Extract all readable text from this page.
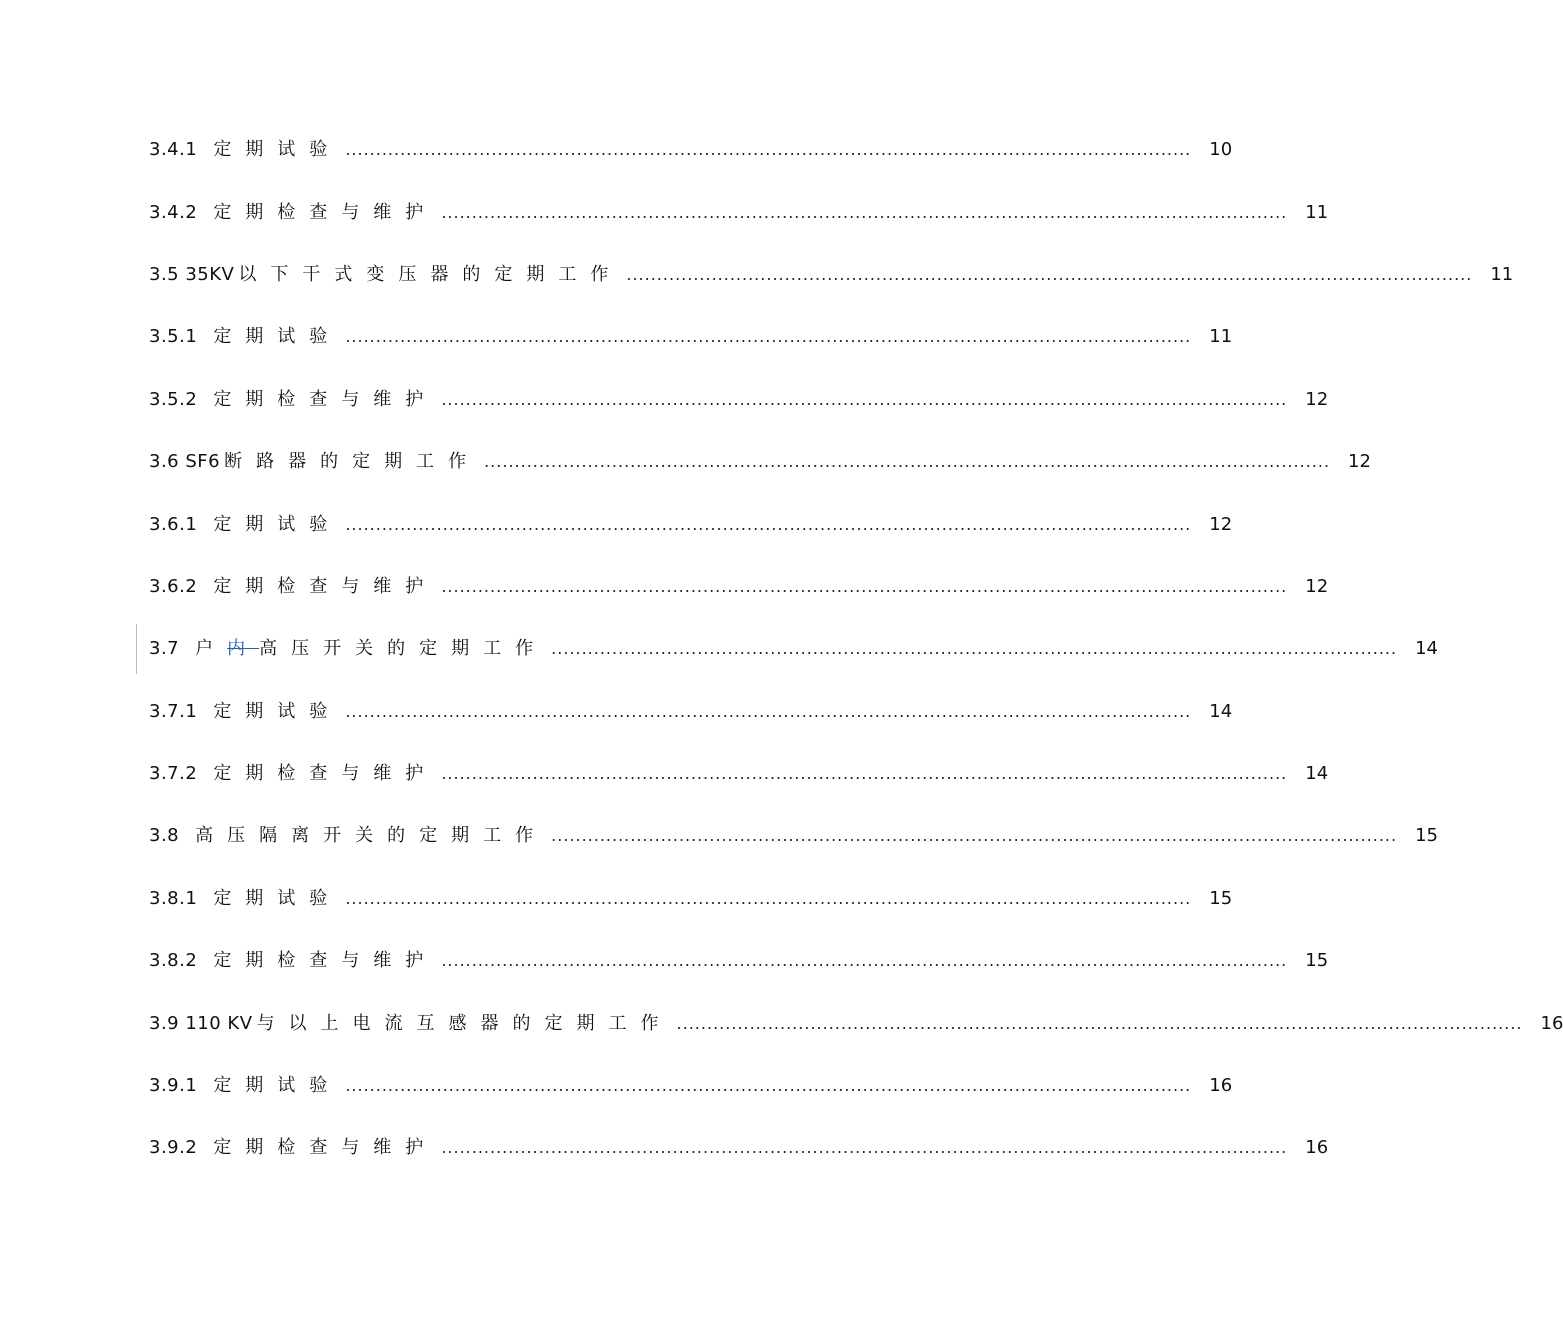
3.4.1 定期试验 ........................................................................................................................................... 10
3.4.2 定期检查与维护 ........................................................................................................................................... 11
3.5 35KV 以下干式变压器的定期工作 ........................................................................................................................................... 11
3.5.1 定期试验 ........................................................................................................................................... 11
3.5.2 定期检查与维护 ........................................................................................................................................... 12
3.6 SF6 断路器的定期工作 ........................................................................................................................................... 12
3.6.1 定期试验 ........................................................................................................................................... 12
3.6.2 定期检查与维护 ........................................................................................................................................... 12
3.7 户内高压开关的定期工作 ........................................................................................................................................... 14
3.7.1 定期试验 ........................................................................................................................................... 14
3.7.2 定期检查与维护 ........................................................................................................................................... 14
3.8 高压隔离开关的定期工作 ........................................................................................................................................... 15
3.8.1 定期试验 ........................................................................................................................................... 15
3.8.2 定期检查与维护 ........................................................................................................................................... 15
3.9 110 KV 与以上电流互感器的定期工作 ........................................................................................................................................... 16
3.9.1 定期试验 ........................................................................................................................................... 16
3.9.2 定期检查与维护 ........................................................................................................................................... 16
